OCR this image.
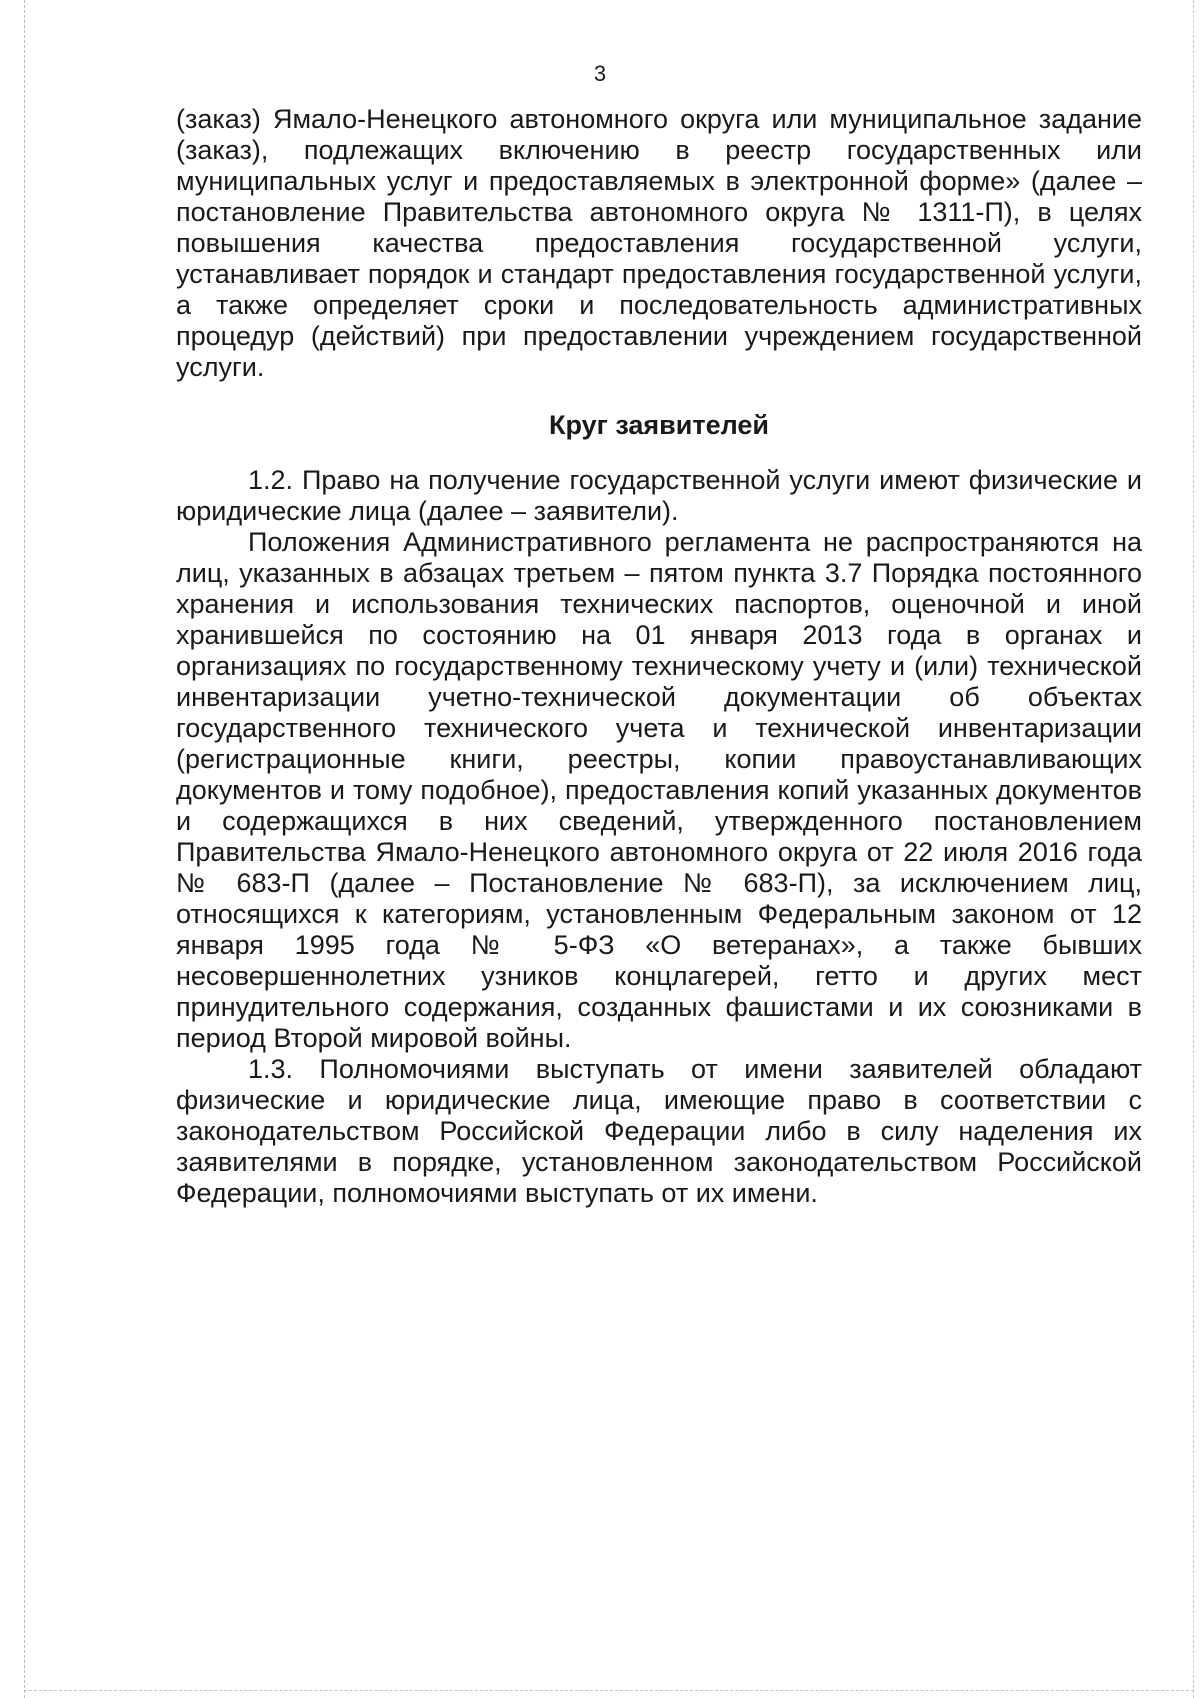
3

(заказ) Ямало-Ненецкого автономного округа или муниципальное задание (заказ), подлежащих включению в реестр государственных или муниципальных услуг и предоставляемых в электронной форме» (далее – постановление Правительства автономного округа № 1311-П), в целях повышения качества предоставления государственной услуги, устанавливает порядок и стандарт предоставления государственной услуги, а также определяет сроки и последовательность административных процедур (действий) при предоставлении учреждением государственной услуги.

Круг заявителей

1.2. Право на получение государственной услуги имеют физические и юридические лица (далее – заявители).

Положения Административного регламента не распространяются на лиц, указанных в абзацах третьем – пятом пункта 3.7 Порядка постоянного хранения и использования технических паспортов, оценочной и иной хранившейся по состоянию на 01 января 2013 года в органах и организациях по государственному техническому учету и (или) технической инвентаризации учетно-технической документации об объектах государственного технического учета и технической инвентаризации (регистрационные книги, реестры, копии правоустанавливающих документов и тому подобное), предоставления копий указанных документов и содержащихся в них сведений, утвержденного постановлением Правительства Ямало-Ненецкого автономного округа от 22 июля 2016 года № 683-П (далее – Постановление № 683-П), за исключением лиц, относящихся к категориям, установленным Федеральным законом от 12 января 1995 года № 5-ФЗ «О ветеранах», а также бывших несовершеннолетних узников концлагерей, гетто и других мест принудительного содержания, созданных фашистами и их союзниками в период Второй мировой войны.

1.3. Полномочиями выступать от имени заявителей обладают физические и юридические лица, имеющие право в соответствии с законодательством Российской Федерации либо в силу наделения их заявителями в порядке, установленном законодательством Российской Федерации, полномочиями выступать от их имени.
